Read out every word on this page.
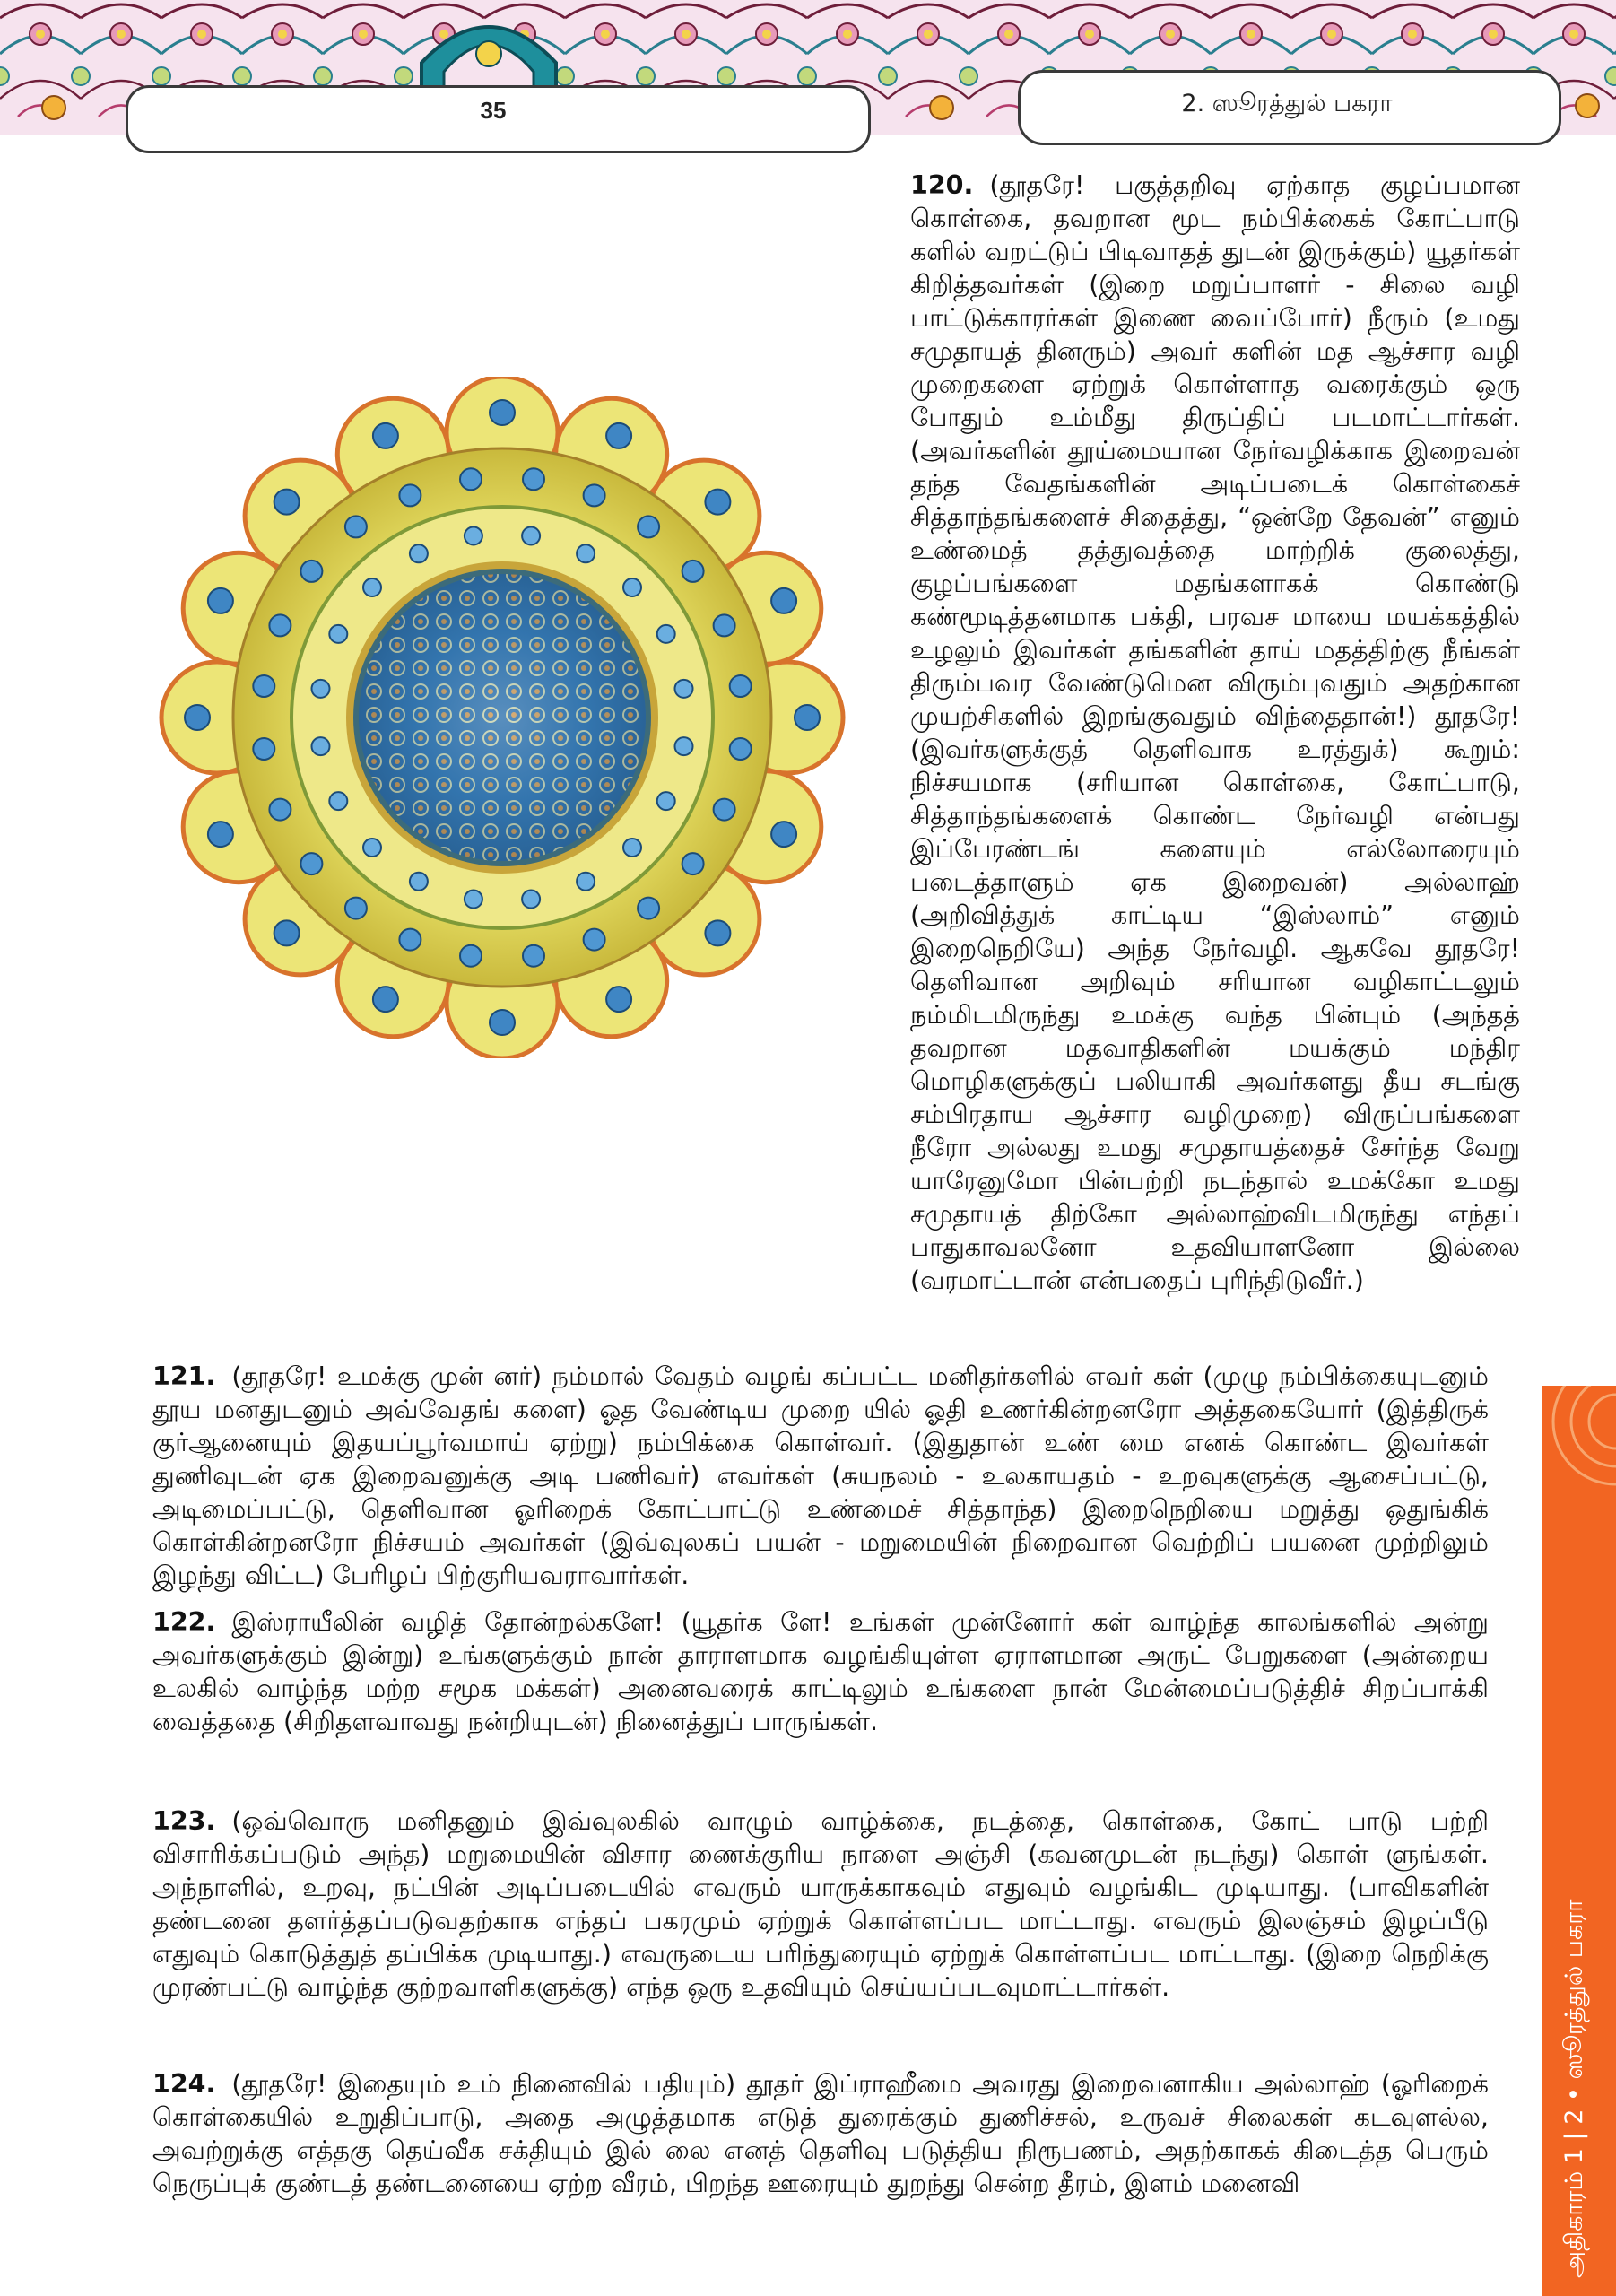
35	2. ஸூரத்துல் பகரா
120. (தூதரே! பகுத்தறிவு ஏற்காத குழப்பமான கொள்கை, தவறான மூட நம்பிக்கைக் கோட்பாடு களில் வறட்டுப் பிடிவாதத் துடன் இருக்கும்) யூதர்கள் கிறித்தவர்கள் (இறை மறுப்பாளர் - சிலை வழி பாட்டுக்காரர்கள் இணை வைப்போர்) நீரும் (உமது சமுதாயத் தினரும்) அவர் களின் மத ஆச்சார வழி முறைகளை ஏற்றுக் கொள்ளாத வரைக்கும் ஒரு போதும் உம்மீது திருப்திப் படமாட்டார்கள். (அவர்களின் தூய்மையான நேர்வழிக்காக இறைவன் தந்த வேதங்களின் அடிப்படைக் கொள்கைச் சித்தாந்தங்களைச் சிதைத்து, “ஒன்றே தேவன்” எனும் உண்மைத் தத்துவத்தை மாற்றிக் குலைத்து, குழப்பங்களை மதங்களாகக் கொண்டு கண்மூடித்தனமாக பக்தி, பரவச மாயை மயக்கத்தில் உழலும் இவர்கள் தங்களின் தாய் மதத்திற்கு நீங்கள் திரும்பவர வேண்டுமென விரும்புவதும் அதற்கான முயற்சிகளில் இறங்குவதும் விந்தைதான்!) தூதரே! (இவர்களுக்குத் தெளிவாக உரத்துக்) கூறும்: நிச்சயமாக (சரியான கொள்கை, கோட்பாடு, சித்தாந்தங்களைக் கொண்ட நேர்வழி என்பது இப்பேரண்டங் களையும் எல்லோரையும் படைத்தாளும் ஏக இறைவன்) அல்லாஹ் (அறிவித்துக் காட்டிய “இஸ்லாம்” எனும் இறைநெறியே) அந்த நேர்வழி. ஆகவே தூதரே! தெளிவான அறிவும் சரியான வழிகாட்டலும் நம்மிடமிருந்து உமக்கு வந்த பின்பும் (அந்தத் தவறான மதவாதிகளின் மயக்கும் மந்திர மொழிகளுக்குப் பலியாகி அவர்களது தீய சடங்கு சம்பிரதாய ஆச்சார வழிமுறை) விருப்பங்களை நீரோ அல்லது உமது சமுதாயத்தைச் சேர்ந்த வேறு யாரேனுமோ பின்பற்றி நடந்தால் உமக்கோ உமது சமுதாயத் திற்கோ அல்லாஹ்விடமிருந்து எந்தப் பாதுகாவலனோ உதவியாளனோ இல்லை (வரமாட்டான் என்பதைப் புரிந்திடுவீர்.)
121. (தூதரே! உமக்கு முன் னர்) நம்மால் வேதம் வழங் கப்பட்ட மனிதர்களில் எவர் கள் (முழு நம்பிக்கையுடனும் தூய மனதுடனும் அவ்வேதங் களை) ஓத வேண்டிய முறை யில் ஓதி உணர்கின்றனரோ அத்தகையோர் (இத்திருக் குர்ஆனையும் இதயப்பூர்வமாய் ஏற்று) நம்பிக்கை கொள்வர். (இதுதான் உண் மை எனக் கொண்ட இவர்கள் துணிவுடன் ஏக இறைவனுக்கு அடி பணிவர்) எவர்கள் (சுயநலம் - உலகாயதம் - உறவுகளுக்கு ஆசைப்பட்டு, அடிமைப்பட்டு, தெளிவான ஓரிறைக் கோட்பாட்டு உண்மைச் சித்தாந்த) இறைநெறியை மறுத்து ஒதுங்கிக் கொள்கின்றனரோ நிச்சயம் அவர்கள் (இவ்வுலகப் பயன் - மறுமையின் நிறைவான வெற்றிப் பயனை முற்றிலும் இழந்து விட்ட) பேரிழப் பிற்குரியவராவார்கள்.
122. இஸ்ராயீலின் வழித் தோன்றல்களே! (யூதர்க ளே! உங்கள் முன்னோர் கள் வாழ்ந்த காலங்களில் அன்று அவர்களுக்கும் இன்று) உங்களுக்கும் நான் தாராளமாக வழங்கியுள்ள ஏராளமான அருட் பேறுகளை (அன்றைய உலகில் வாழ்ந்த மற்ற சமூக மக்கள்) அனைவரைக் காட்டிலும் உங்களை நான் மேன்மைப்படுத்திச் சிறப்பாக்கி வைத்ததை (சிறிதளவாவது நன்றியுடன்) நினைத்துப் பாருங்கள்.
123. (ஒவ்வொரு மனிதனும் இவ்வுலகில் வாழும் வாழ்க்கை, நடத்தை, கொள்கை, கோட் பாடு பற்றி விசாரிக்கப்படும் அந்த) மறுமையின் விசார ணைக்குரிய நாளை அஞ்சி (கவனமுடன் நடந்து) கொள் ளுங்கள். அந்நாளில், உறவு, நட்பின் அடிப்படையில் எவரும் யாருக்காகவும் எதுவும் வழங்கிட முடியாது. (பாவிகளின் தண்டனை தளர்த்தப்படுவதற்காக எந்தப் பகரமும் ஏற்றுக் கொள்ளப்பட மாட்டாது. எவரும் இலஞ்சம் இழப்பீடு எதுவும் கொடுத்துத் தப்பிக்க முடியாது.) எவருடைய பரிந்துரையும் ஏற்றுக் கொள்ளப்பட மாட்டாது. (இறை நெறிக்கு முரண்பட்டு வாழ்ந்த குற்றவாளிகளுக்கு) எந்த ஒரு உதவியும் செய்யப்படவுமாட்டார்கள்.
124. (தூதரே! இதையும் உம் நினைவில் பதியும்) தூதர் இப்ராஹீமை அவரது இறைவனாகிய அல்லாஹ் (ஓரிறைக் கொள்கையில் உறுதிப்பாடு, அதை அழுத்தமாக எடுத் துரைக்கும் துணிச்சல், உருவச் சிலைகள் கடவுளல்ல, அவற்றுக்கு எத்தகு தெய்வீக சக்தியும் இல் லை எனத் தெளிவு படுத்திய நிரூபணம், அதற்காகக் கிடைத்த பெரும் நெருப்புக் குண்டத் தண்டனையை ஏற்ற வீரம், பிறந்த ஊரையும் துறந்து சென்ற தீரம், இளம் மனைவி	அதிகாரம் 1 | 2 • ஸூரத்துல் பகரா
